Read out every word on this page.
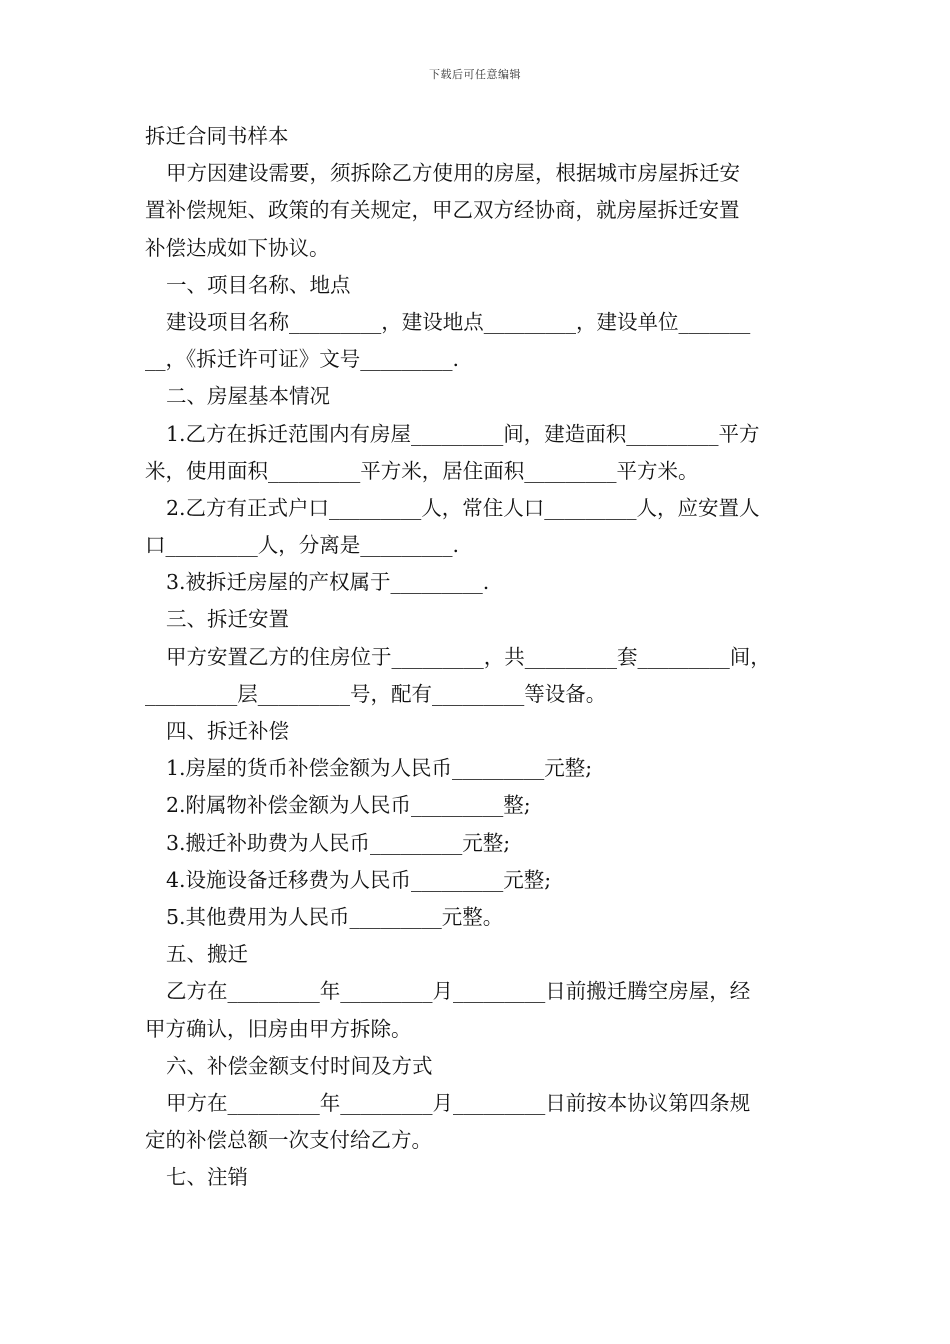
下载后可任意编辑
拆迁合同书样本
甲方因建设需要，须拆除乙方使用的房屋，根据城市房屋拆迁安
置补偿规矩、政策的有关规定，甲乙双方经协商，就房屋拆迁安置
补偿达成如下协议。
一、项目名称、地点
建设项目名称_________，建设地点_________，建设单位_______
__，《拆迁许可证》文号_________.
二、房屋基本情况
1.乙方在拆迁范围内有房屋_________间，建造面积_________平方
米，使用面积_________平方米，居住面积_________平方米。
2.乙方有正式户口_________人，常住人口_________人，应安置人
口_________人，分离是_________.
3.被拆迁房屋的产权属于_________.
三、拆迁安置
甲方安置乙方的住房位于_________，共_________套_________间，
_________层_________号，配有_________等设备。
四、拆迁补偿
1.房屋的货币补偿金额为人民币_________元整;
2.附属物补偿金额为人民币_________整;
3.搬迁补助费为人民币_________元整;
4.设施设备迁移费为人民币_________元整;
5.其他费用为人民币_________元整。
五、搬迁
乙方在_________年_________月_________日前搬迁腾空房屋，经
甲方确认，旧房由甲方拆除。
六、补偿金额支付时间及方式
甲方在_________年_________月_________日前按本协议第四条规
定的补偿总额一次支付给乙方。
七、注销
